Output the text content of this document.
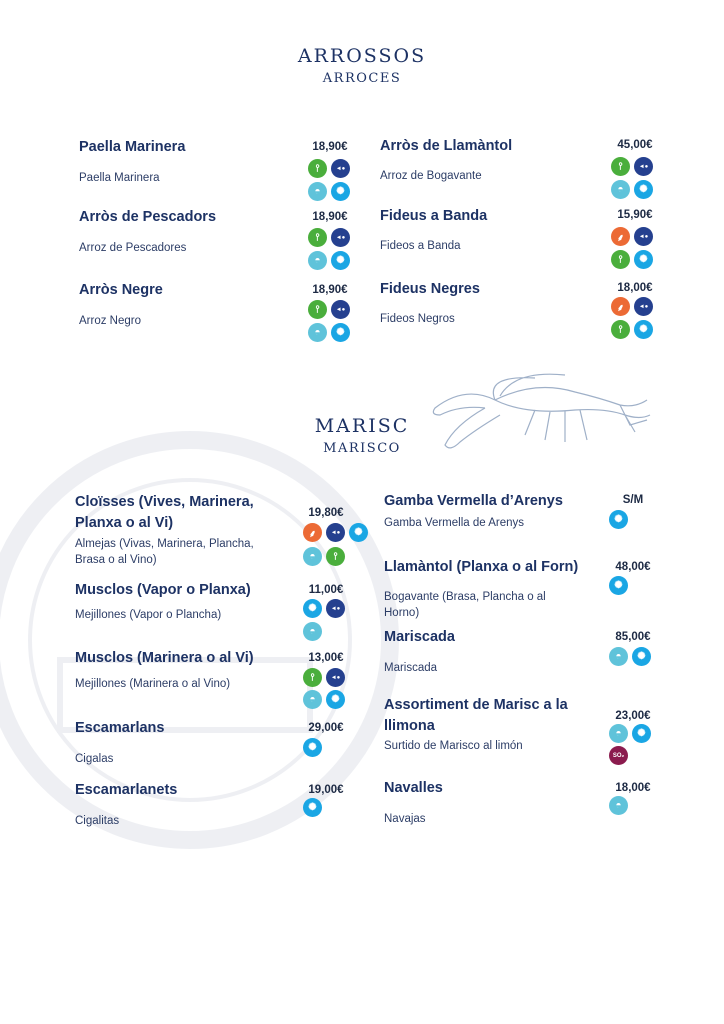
ARROSSOS
ARROCES
MARISC
MARISCO
Paella Marinera
Paella Marinera
18,90€
⫯	◄●
◓	✺
Arròs de Pescadors
Arroz de Pescadores
18,90€
⫯	◄●
◓	✺
Arròs Negre
Arroz Negro
18,90€
⫯	◄●
◓	✺
Arròs de Llamàntol
Arroz de Bogavante
45,00€
⫯	◄●
◓	✺
Fideus a Banda
Fideos a Banda
15,90€
⸙	◄●
⫯	✺
Fideus Negres
Fideos Negros
18,00€
⸙	◄●
⫯	✺
Cloïsses (Vives, Marinera, Planxa o al Vi)
Almejas (Vivas, Marinera, Plancha, Brasa o al Vino)
19,80€
⸙	◄●	✺
◓	⫯
Musclos (Vapor o Planxa)
Mejillones (Vapor o Plancha)
11,00€
✺	◄●
◓
Musclos (Marinera o al Vi)
Mejillones (Marinera o al Vino)
13,00€
⫯	◄●
◓	✺
Escamarlans
Cigalas
29,00€
✺
Escamarlanets
Cigalitas
19,00€
✺
Gamba Vermella d’Arenys
Gamba Vermella de Arenys
S/M
✺
Llamàntol (Planxa o al Forn)
Bogavante (Brasa, Plancha o al Horno)
48,00€
✺
Mariscada
Mariscada
85,00€
◓	✺
Assortiment de Marisc a la llimona
Surtido de Marisco al limón
23,00€
◓	✺
SO₂
Navalles
Navajas
18,00€
◓
